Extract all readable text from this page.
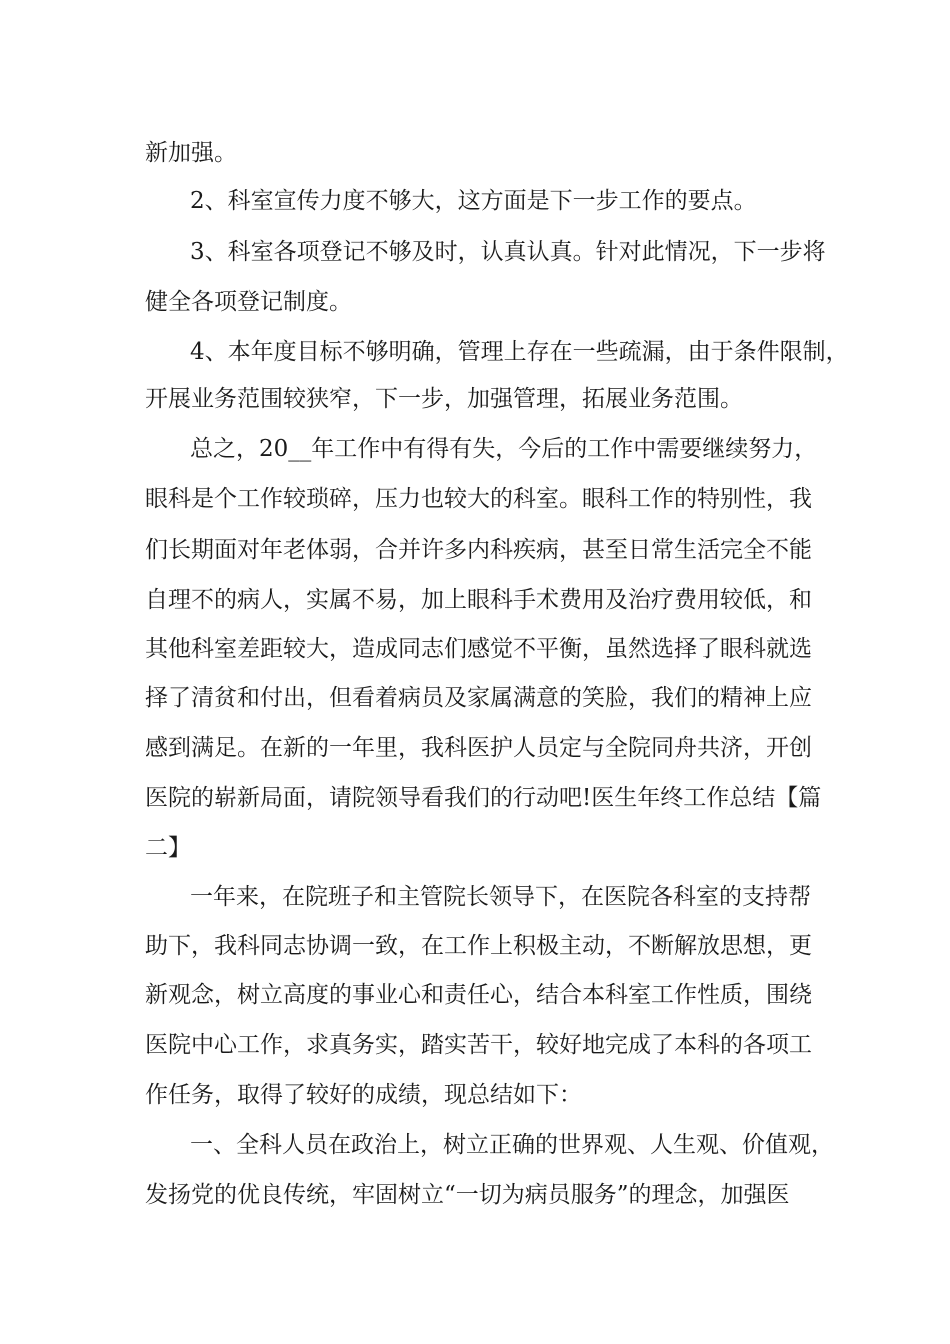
新加强。
2、科室宣传力度不够大，这方面是下一步工作的要点。
3、科室各项登记不够及时，认真认真。针对此情况，下一步将
健全各项登记制度。
4、本年度目标不够明确，管理上存在一些疏漏，由于条件限制，
开展业务范围较狭窄，下一步，加强管理，拓展业务范围。
总之，20__年工作中有得有失，今后的工作中需要继续努力，
眼科是个工作较琐碎，压力也较大的科室。眼科工作的特别性，我
们长期面对年老体弱，合并许多内科疾病，甚至日常生活完全不能
自理不的病人，实属不易，加上眼科手术费用及治疗费用较低，和
其他科室差距较大，造成同志们感觉不平衡，虽然选择了眼科就选
择了清贫和付出，但看着病员及家属满意的笑脸，我们的精神上应
感到满足。在新的一年里，我科医护人员定与全院同舟共济，开创
医院的崭新局面，请院领导看我们的行动吧!医生年终工作总结【篇
二】
一年来，在院班子和主管院长领导下，在医院各科室的支持帮
助下，我科同志协调一致，在工作上积极主动，不断解放思想，更
新观念，树立高度的事业心和责任心，结合本科室工作性质，围绕
医院中心工作，求真务实，踏实苦干，较好地完成了本科的各项工
作任务，取得了较好的成绩，现总结如下：
一、全科人员在政治上，树立正确的世界观、人生观、价值观，
发扬党的优良传统，牢固树立“一切为病员服务”的理念，加强医
